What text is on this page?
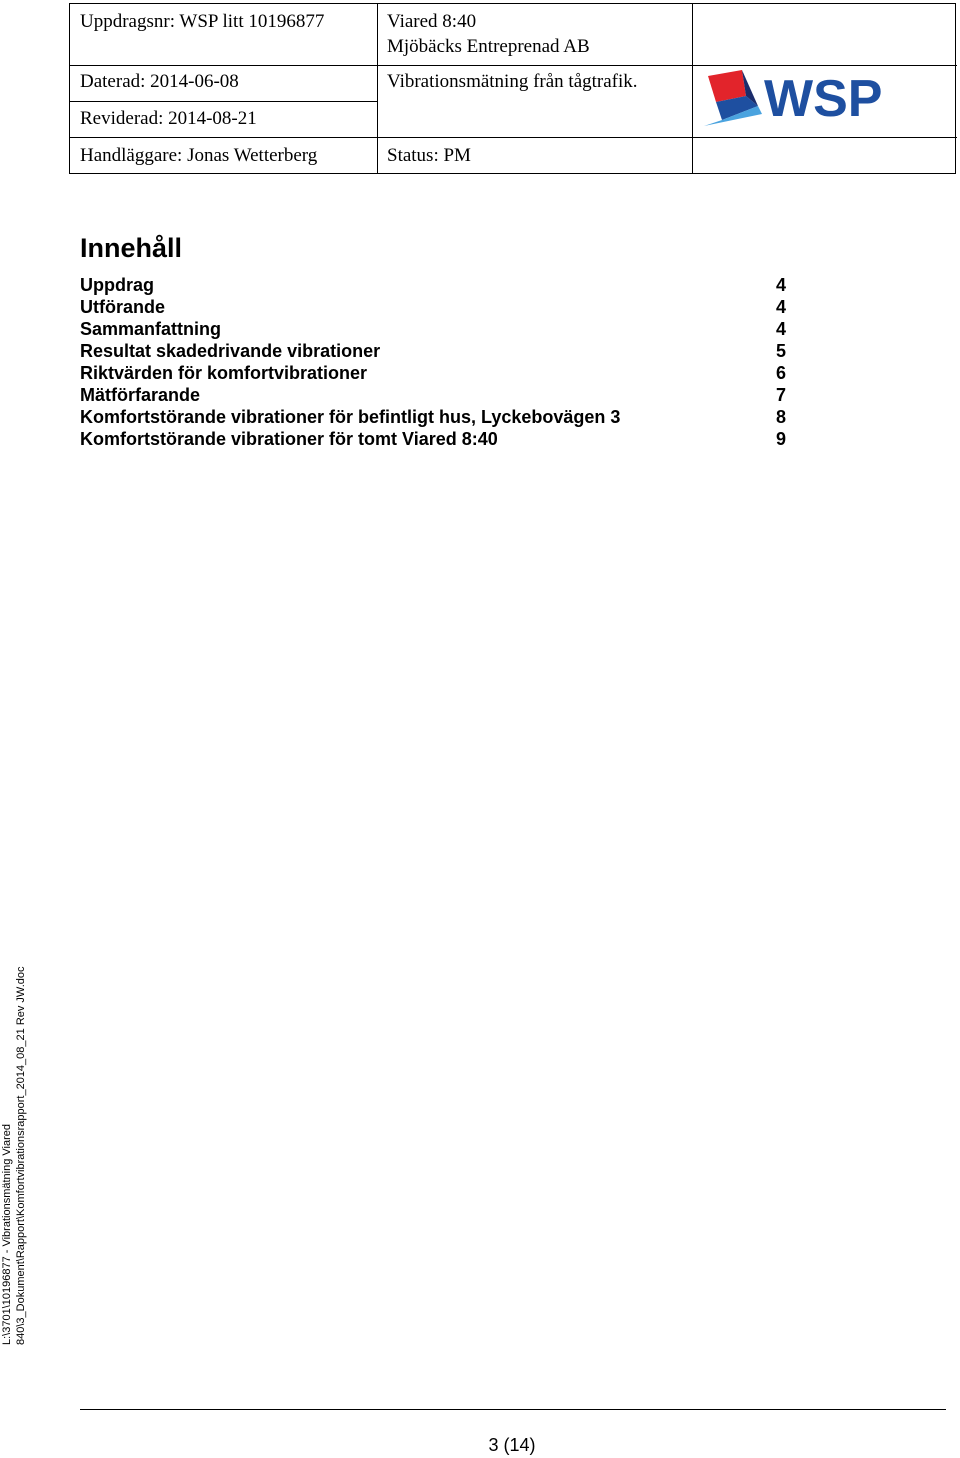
Uppdragsnr: WSP litt 10196877	Viared 8:40
Mjöbäcks Entreprenad AB
Daterad: 2014-06-08	Vibrationsmätning från tågtrafik.
Reviderad: 2014-08-21
Handläggare: Jonas Wetterberg	Status: PM
WSP
Innehåll
Uppdrag	4
Utförande	4
Sammanfattning	4
Resultat skadedrivande vibrationer	5
Riktvärden för komfortvibrationer	6
Mätförfarande	7
Komfortstörande vibrationer för befintligt hus, Lyckebovägen 3	8
Komfortstörande vibrationer för tomt Viared 8:40	9
L:\3701\10196877 - Vibrationsmätning Viared 840\3_Dokument\Rapport\Komfortvibrationsrapport_2014_08_21 Rev JW.doc
3 (14)
